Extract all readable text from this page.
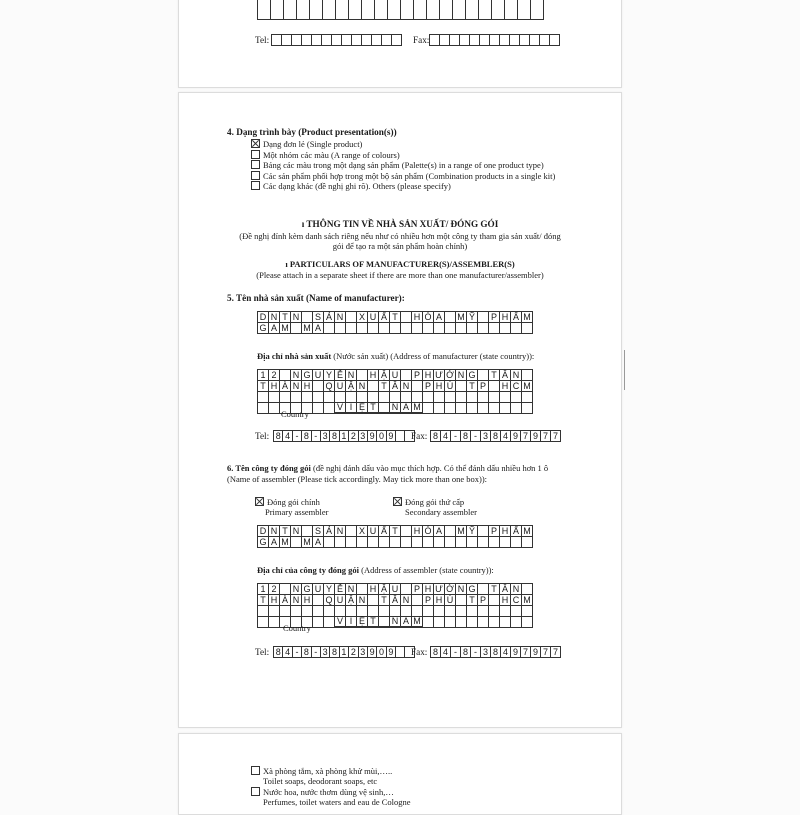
Tel:	Fax:
4. Dạng trình bày (Product presentation(s))
Dạng đơn lẻ (Single product)
Một nhóm các màu (A range of colours)
Bảng các màu trong một dạng sản phẩm (Palette(s) in a range of one product type)
Các sản phẩm phối hợp trong một bộ sản phẩm (Combination products in a single kit)
Các dạng khác (đề nghị ghi rõ). Others (please specify)
ı THÔNG TIN VỀ NHÀ SẢN XUẤT/ ĐÓNG GÓI
(Đề nghị đính kèm danh sách riêng nếu như có nhiều hơn một công ty tham gia sản xuất/ đóng
gói để tạo ra một sản phẩm hoàn chỉnh)
ı PARTICULARS OF MANUFACTURER(S)/ASSEMBLER(S)
(Please attach in a separate sheet if there are more than one manufacturer/assembler)
5. Tên nhà sản xuất (Name of manufacturer):
D N T N	S Ả N	X U Ấ T	H Ó A	M Ỹ	P H Ẩ M
G A M M A
Địa chỉ nhà sản xuất (Nước sản xuất) (Address of manufacturer (state country)):
1 2	N G U Y Ễ N	H Ậ U	P H Ư Ớ N G T Â N
T H À N H	Q U Ậ N	T Â N	P H Ú	T P	H C M
Country
V I Ệ T	N A M
Tel: 8 4 - 8 - 3 8 1 2 3 9 0 9 Fax: 8 4 - 8 - 3 8 4 9 7 9 7 7
6. Tên công ty đóng gói (đề nghị đánh dấu vào mục thích hợp. Có thể đánh dấu nhiều hơn 1 ô
(Name of assembler (Please tick accordingly. May tick more than one box)):
Đóng gói chính
Primary assembler
Đóng gói thứ cấp
Secondary assembler
D N T N	S Ả N	X U Ấ T	H Ó A	M Ỹ	P H Ấ M
G A M M A
Địa chỉ của công ty đóng gói (Address of assembler (state country)):
1 2	N G U Y Ễ N	H Ậ U	P H Ư Ờ N G T Â N
T H À N H	Q U Ậ N	T Â N	P H Ú	T P	H C M
Country
V I Ệ T	N A M
Tel: 8 4 - 8 - 3 8 1 2 3 9 0 9 Fax: 8 4 - 8 - 3 8 4 9 7 9 7 7
Xà phòng tắm, xà phòng khử mùi,…..
Toilet soaps, deodorant soaps, etc
Nước hoa, nước thơm dùng vệ sinh,…
Perfumes, toilet waters and eau de Cologne
